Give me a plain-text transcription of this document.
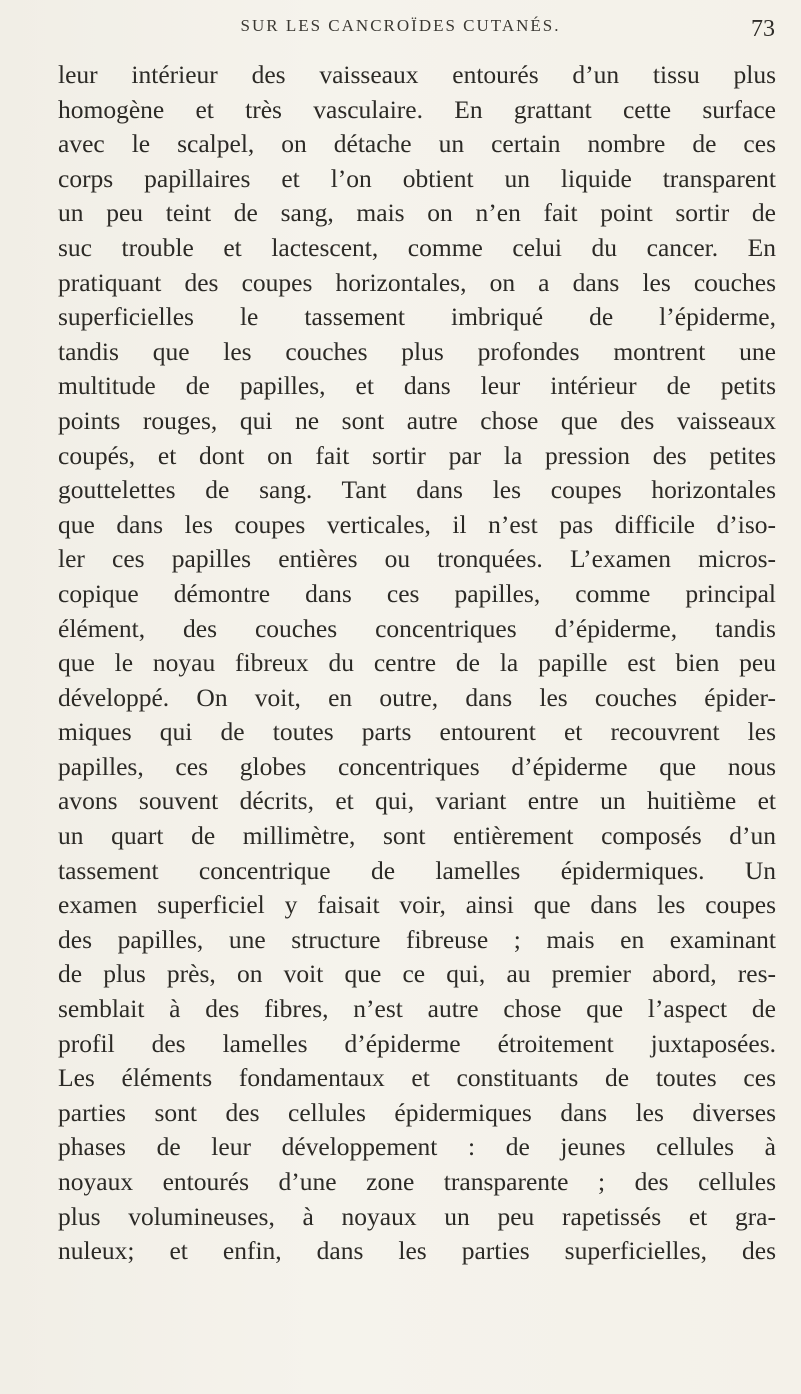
SUR LES CANCROÏDES CUTANÉS.	73
leur intérieur des vaisseaux entourés d’un tissu plus
homogène et très vasculaire. En grattant cette surface
avec le scalpel, on détache un certain nombre de ces
corps papillaires et l’on obtient un liquide transparent
un peu teint de sang, mais on n’en fait point sortir de
suc trouble et lactescent, comme celui du cancer. En
pratiquant des coupes horizontales, on a dans les couches
superficielles le tassement imbriqué de l’épiderme,
tandis que les couches plus profondes montrent une
multitude de papilles, et dans leur intérieur de petits
points rouges, qui ne sont autre chose que des vaisseaux
coupés, et dont on fait sortir par la pression des petites
gouttelettes de sang. Tant dans les coupes horizontales
que dans les coupes verticales, il n’est pas difficile d’iso-
ler ces papilles entières ou tronquées. L’examen micros-
copique démontre dans ces papilles, comme principal
élément, des couches concentriques d’épiderme, tandis
que le noyau fibreux du centre de la papille est bien peu
développé. On voit, en outre, dans les couches épider-
miques qui de toutes parts entourent et recouvrent les
papilles, ces globes concentriques d’épiderme que nous
avons souvent décrits, et qui, variant entre un huitième et
un quart de millimètre, sont entièrement composés d’un
tassement concentrique de lamelles épidermiques. Un
examen superficiel y faisait voir, ainsi que dans les coupes
des papilles, une structure fibreuse ; mais en examinant
de plus près, on voit que ce qui, au premier abord, res-
semblait à des fibres, n’est autre chose que l’aspect de
profil des lamelles d’épiderme étroitement juxtaposées.
Les éléments fondamentaux et constituants de toutes ces
parties sont des cellules épidermiques dans les diverses
phases de leur développement : de jeunes cellules à
noyaux entourés d’une zone transparente ; des cellules
plus volumineuses, à noyaux un peu rapetissés et gra-
nuleux; et enfin, dans les parties superficielles, des
